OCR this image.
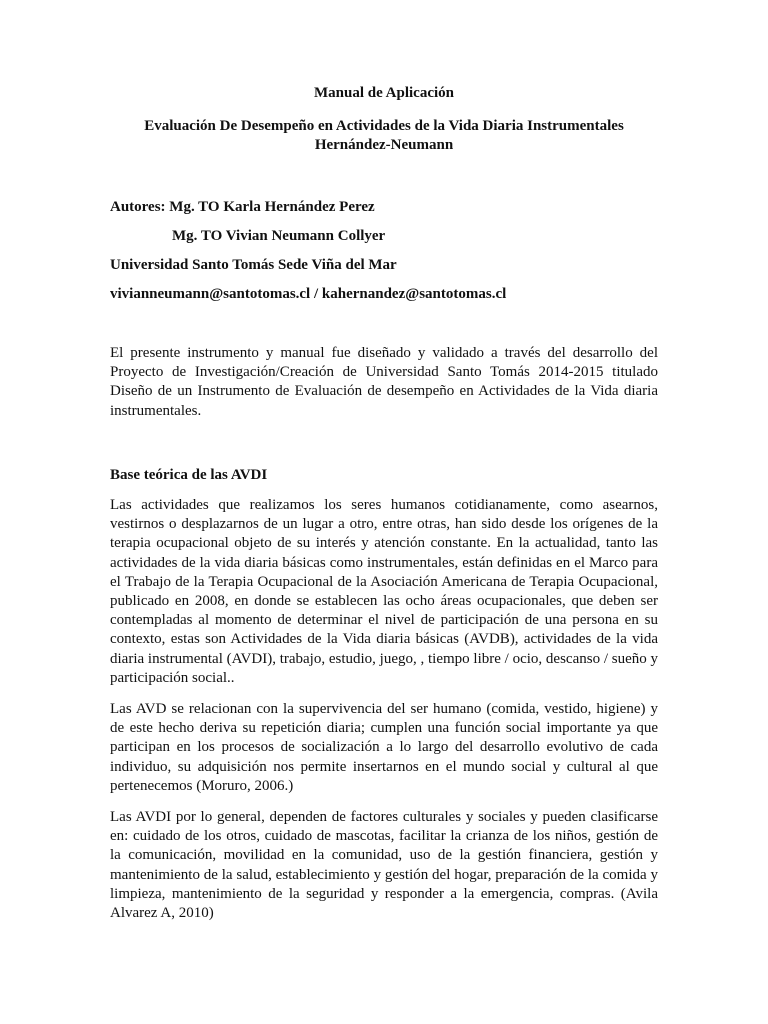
Manual de Aplicación
Evaluación De Desempeño en Actividades de la Vida Diaria Instrumentales
Hernández-Neumann
Autores: Mg. TO Karla Hernández Perez
Mg. TO Vivian Neumann Collyer
Universidad Santo Tomás Sede Viña del Mar
vivianneumann@santotomas.cl / kahernandez@santotomas.cl

El presente instrumento y manual fue diseñado y validado a través del desarrollo del Proyecto de Investigación/Creación de Universidad Santo Tomás 2014-2015 titulado Diseño de un Instrumento de Evaluación de desempeño en Actividades de la Vida diaria instrumentales.

Base teórica de las AVDI

Las actividades que realizamos los seres humanos cotidianamente, como asearnos, vestirnos o desplazarnos de un lugar a otro, entre otras, han sido desde los orígenes de la terapia ocupacional objeto de su interés y atención constante. En la actualidad, tanto las actividades de la vida diaria básicas como instrumentales, están definidas en el Marco para el Trabajo de la Terapia Ocupacional de la Asociación Americana de Terapia Ocupacional, publicado en 2008, en donde se establecen las ocho áreas ocupacionales, que deben ser contempladas al momento de determinar el nivel de participación de una persona en su contexto, estas son Actividades de la Vida diaria básicas (AVDB), actividades de la vida diaria instrumental (AVDI), trabajo, estudio, juego, , tiempo libre / ocio, descanso / sueño y participación social..

Las AVD se relacionan con la supervivencia del ser humano (comida, vestido, higiene) y de este hecho deriva su repetición diaria; cumplen una función social importante ya que participan en los procesos de socialización a lo largo del desarrollo evolutivo de cada individuo, su adquisición nos permite insertarnos en el mundo social y cultural al que pertenecemos (Moruro, 2006.)

Las AVDI por lo general, dependen de factores culturales y sociales y pueden clasificarse en: cuidado de los otros, cuidado de mascotas, facilitar la crianza de los niños, gestión de la comunicación, movilidad en la comunidad, uso de la gestión financiera, gestión y mantenimiento de la salud, establecimiento y gestión del hogar, preparación de la comida y limpieza, mantenimiento de la seguridad y responder a la emergencia, compras. (Avila Alvarez A, 2010)
